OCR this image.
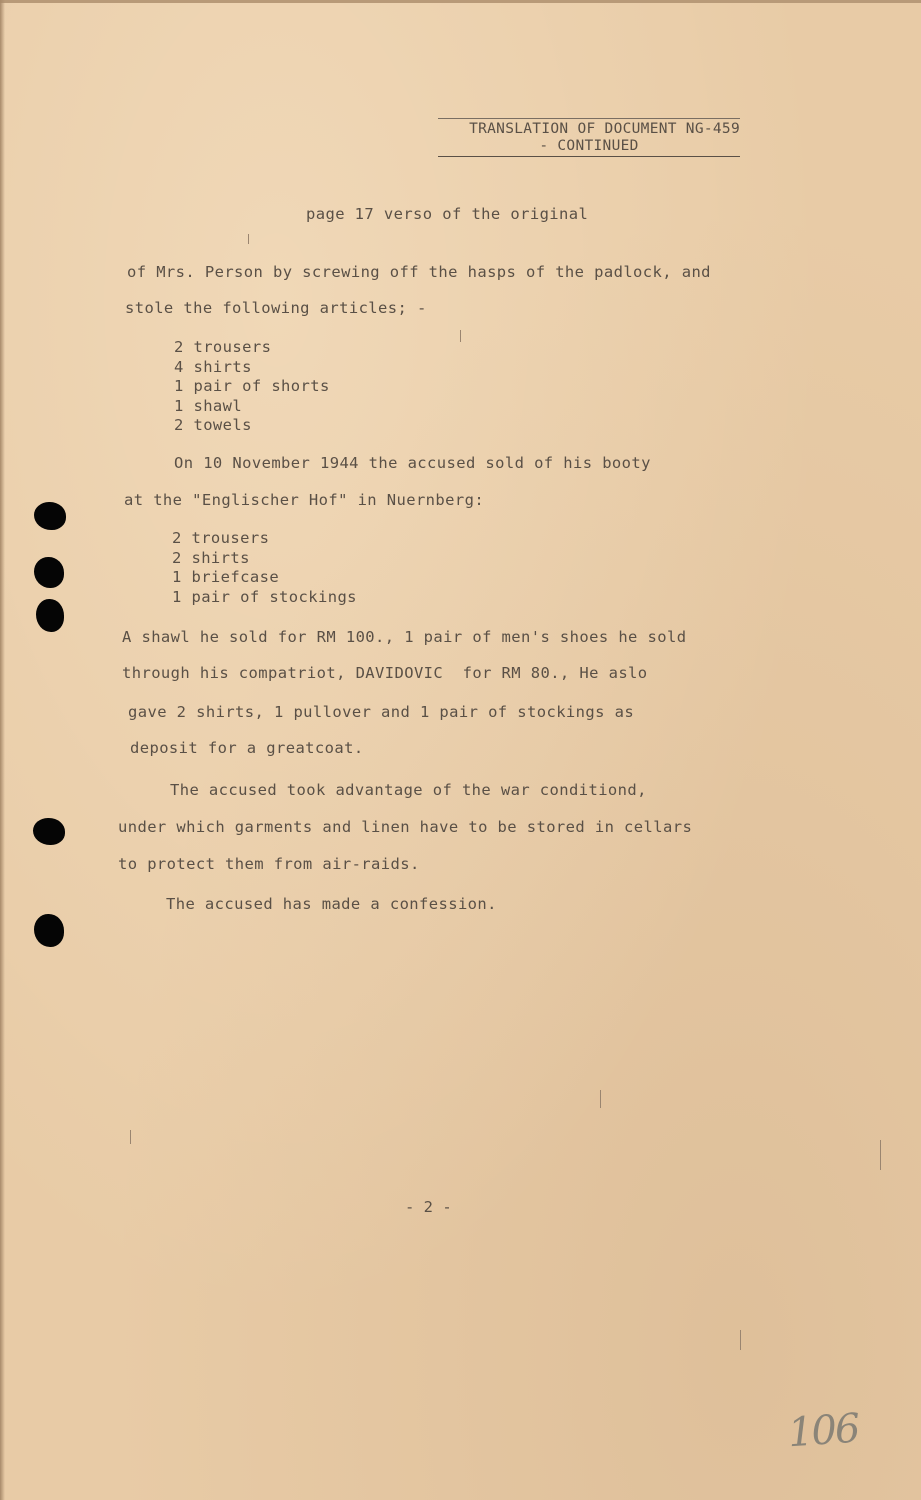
TRANSLATION OF DOCUMENT NG-459
- CONTINUED
page 17 verso of the original
of Mrs. Person by screwing off the hasps of the padlock, and
stole the following articles; -
2 trousers
4 shirts
1 pair of shorts
1 shawl
2 towels
On 10 November 1944 the accused sold of his booty
at the "Englischer Hof" in Nuernberg:
2 trousers
2 shirts
1 briefcase
1 pair of stockings
A shawl he sold for RM 100., 1 pair of men's shoes he sold
through his compatriot, DAVIDOVIC  for RM 80., He aslo
gave 2 shirts, 1 pullover and 1 pair of stockings as
deposit for a greatcoat.
The accused took advantage of the war conditiond,
under which garments and linen have to be stored in cellars
to protect them from air-raids.
The accused has made a confession.
- 2 -
106
